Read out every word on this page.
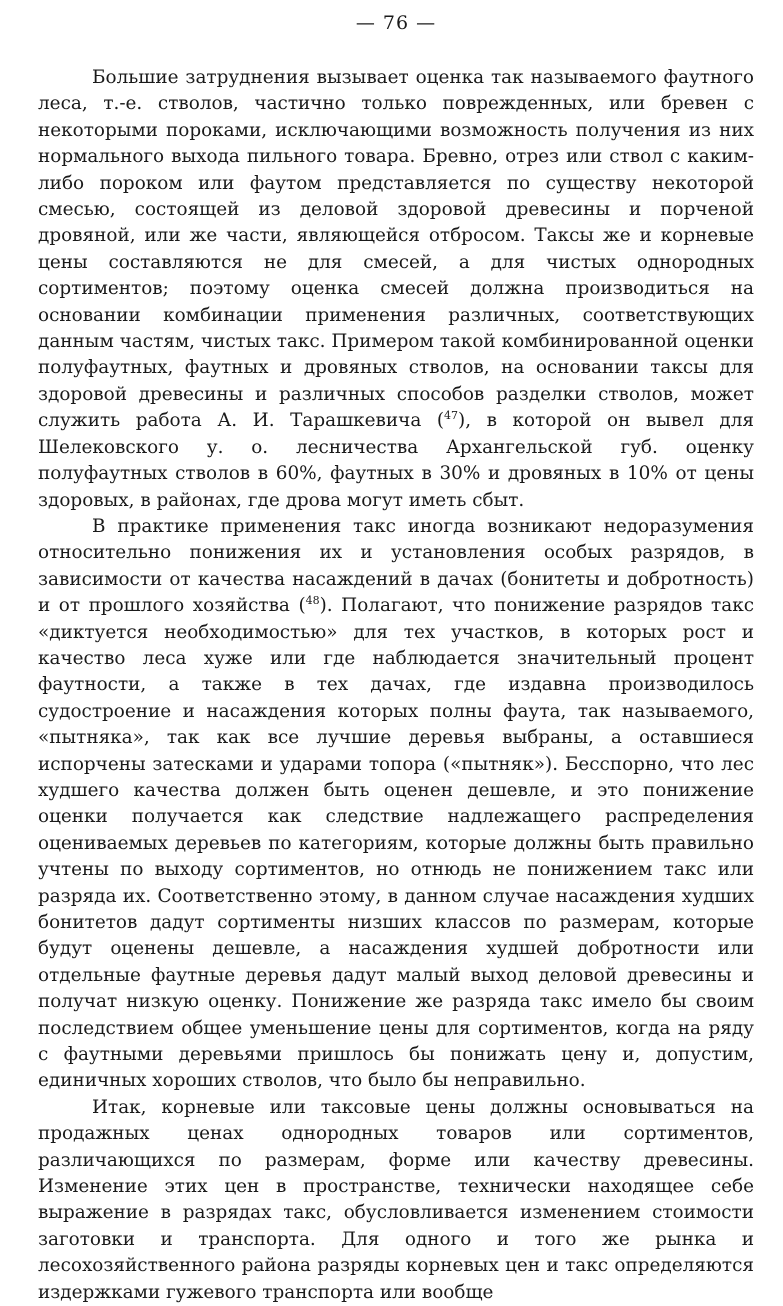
— 76 —

Большие затруднения вызывает оценка так называемого фаутного леса, т.-е. стволов, частично только поврежденных, или бревен с некоторыми пороками, исключающими возможность получения из них нормального выхода пильного товара. Бревно, отрез или ствол с каким-либо пороком или фаутом представляется по существу некоторой смесью, состоящей из деловой здоровой древесины и порченой дровяной, или же части, являющейся отбросом. Таксы же и корневые цены составляются не для смесей, а для чистых однородных сортиментов; поэтому оценка смесей должна производиться на основании комбинации применения различных, соответствующих данным частям, чистых такс. Примером такой комбинированной оценки полуфаутных, фаутных и дровяных стволов, на основании таксы для здоровой древесины и различных способов разделки стволов, может служить работа А. И. Тарашкевича ($^{47}$), в которой он вывел для Шелековского у. о. лесничества Архангельской губ. оценку полуфаутных стволов в 60%, фаутных в 30% и дровяных в 10% от цены здоровых, в районах, где дрова могут иметь сбыт.

В практике применения такс иногда возникают недоразумения относительно понижения их и установления особых разрядов, в зависимости от качества насаждений в дачах (бонитеты и добротность) и от прошлого хозяйства ($^{48}$). Полагают, что понижение разрядов такс «диктуется необходимостью» для тех участков, в которых рост и качество леса хуже или где наблюдается значительный процент фаутности, а также в тех дачах, где издавна производилось судостроение и насаждения которых полны фаута, так называемого, «пытняка», так как все лучшие деревья выбраны, а оставшиеся испорчены затесками и ударами топора («пытняк»). Бесспорно, что лес худшего качества должен быть оценен дешевле, и это понижение оценки получается как следствие надлежащего распределения оцениваемых деревьев по категориям, которые должны быть правильно учтены по выходу сортиментов, но отнюдь не понижением такс или разряда их. Соответственно этому, в данном случае насаждения худших бонитетов дадут сортименты низших классов по размерам, которые будут оценены дешевле, а насаждения худшей добротности или отдельные фаутные деревья дадут малый выход деловой древесины и получат низкую оценку. Понижение же разряда такс имело бы своим последствием общее уменьшение цены для сортиментов, когда на ряду с фаутными деревьями пришлось бы понижать цену и, допустим, единичных хороших стволов, что было бы неправильно.

Итак, корневые или таксовые цены должны основываться на продажных ценах однородных товаров или сортиментов, различающихся по размерам, форме или качеству древесины. Изменение этих цен в пространстве, технически находящее себе выражение в разрядах такс, обусловливается изменением стоимости заготовки и транспорта. Для одного и того же рынка и лесохозяйственного района разряды корневых цен и такс определяются издержками гужевого транспорта или вообще
